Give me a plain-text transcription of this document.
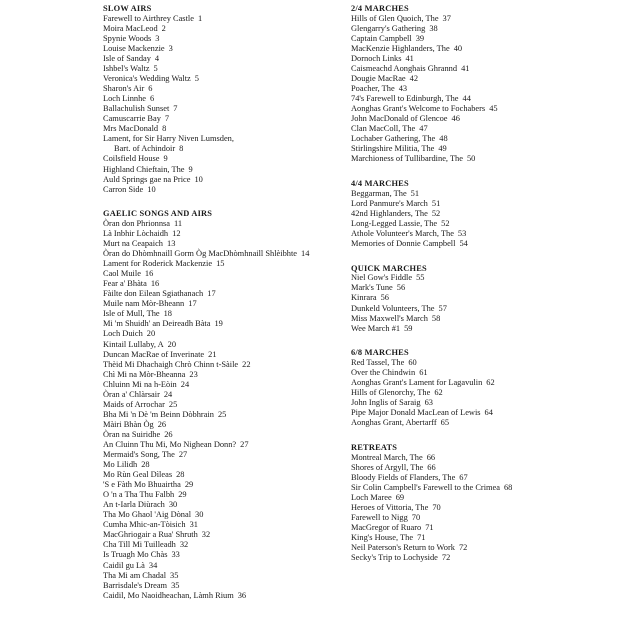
SLOW AIRS
Farewell to Airthrey Castle 1
Moira MacLeod 2
Spynie Woods 3
Louise Mackenzie 3
Isle of Sanday 4
Ishbel's Waltz 5
Veronica's Wedding Waltz 5
Sharon's Air 6
Loch Linnhe 6
Ballachulish Sunset 7
Camuscarrie Bay 7
Mrs MacDonald 8
Lament, for Sir Harry Niven Lumsden,
Bart. of Achindoir 8
Coilsfield House 9
Highland Chieftain, The 9
Auld Springs gae na Price 10
Carron Side 10
GAELIC SONGS AND AIRS
Òran don Phrionnsa 11
Là Inbhir Lòchaidh 12
Murt na Ceapaich 13
Òran do Dhòmhnaill Gorm Òg MacDhòmhnaill Shlèibhte 14
Lament for Roderick Mackenzie 15
Caol Muile 16
Fear a' Bhàta 16
Fàilte don Eilean Sgiathanach 17
Muile nam Mòr-Bheann 17
Isle of Mull, The 18
Mi 'm Shuidh' an Deireadh Bàta 19
Loch Duich 20
Kintail Lullaby, A 20
Duncan MacRae of Inverinate 21
Thèid Mi Dhachaigh Chrò Chinn t-Sàile 22
Chì Mi na Mòr-Bheanna 23
Chluinn Mi na h-Eòin 24
Òran a' Chlàrsair 24
Maids of Arrochar 25
Bha Mi 'n Dè 'm Beinn Dòbhrain 25
Màiri Bhàn Òg 26
Òran na Suiridhe 26
An Cluinn Thu Mi, Mo Nighean Donn? 27
Mermaid's Song, The 27
Mo Lilidh 28
Mo Rùn Geal Dìleas 28
'S e Fàth Mo Bhuairtha 29
O 'n a Tha Thu Falbh 29
An t-Iarla Diùrach 30
Tha Mo Ghaol 'Aig Dònal 30
Cumha Mhic-an-Tòisich 31
MacGhriogair a Rua' Shruth 32
Cha Till Mi Tuilleadh 32
Is Truagh Mo Chàs 33
Caidil gu Là 34
Tha Mi am Chadal 35
Barrisdale's Dream 35
Caidil, Mo Naoidheachan, Làmh Rium 36
2/4 MARCHES
Hills of Glen Quoich, The 37
Glengarry's Gathering 38
Captain Campbell 39
MacKenzie Highlanders, The 40
Dornoch Links 41
Caismeachd Aonghais Ghrannd 41
Dougie MacRae 42
Poacher, The 43
74's Farewell to Edinburgh, The 44
Aonghas Grant's Welcome to Fochabers 45
John MacDonald of Glencoe 46
Clan MacColl, The 47
Lochaber Gathering, The 48
Stirlingshire Militia, The 49
Marchioness of Tullibardine, The 50
4/4 MARCHES
Beggarman, The 51
Lord Panmure's March 51
42nd Highlanders, The 52
Long-Legged Lassie, The 52
Athole Volunteer's March, The 53
Memories of Donnie Campbell 54
QUICK MARCHES
Niel Gow's Fiddle 55
Mark's Tune 56
Kinrara 56
Dunkeld Volunteers, The 57
Miss Maxwell's March 58
Wee March #1 59
6/8 MARCHES
Red Tassel, The 60
Over the Chindwin 61
Aonghas Grant's Lament for Lagavulin 62
Hills of Glenorchy, The 62
John Inglis of Saraig 63
Pipe Major Donald MacLean of Lewis 64
Aonghas Grant, Abertarff 65
RETREATS
Montreal March, The 66
Shores of Argyll, The 66
Bloody Fields of Flanders, The 67
Sir Colin Campbell's Farewell to the Crimea 68
Loch Maree 69
Heroes of Vittoria, The 70
Farewell to Nigg 70
MacGregor of Ruaro 71
King's House, The 71
Neil Paterson's Return to Work 72
Secky's Trip to Lochyside 72
